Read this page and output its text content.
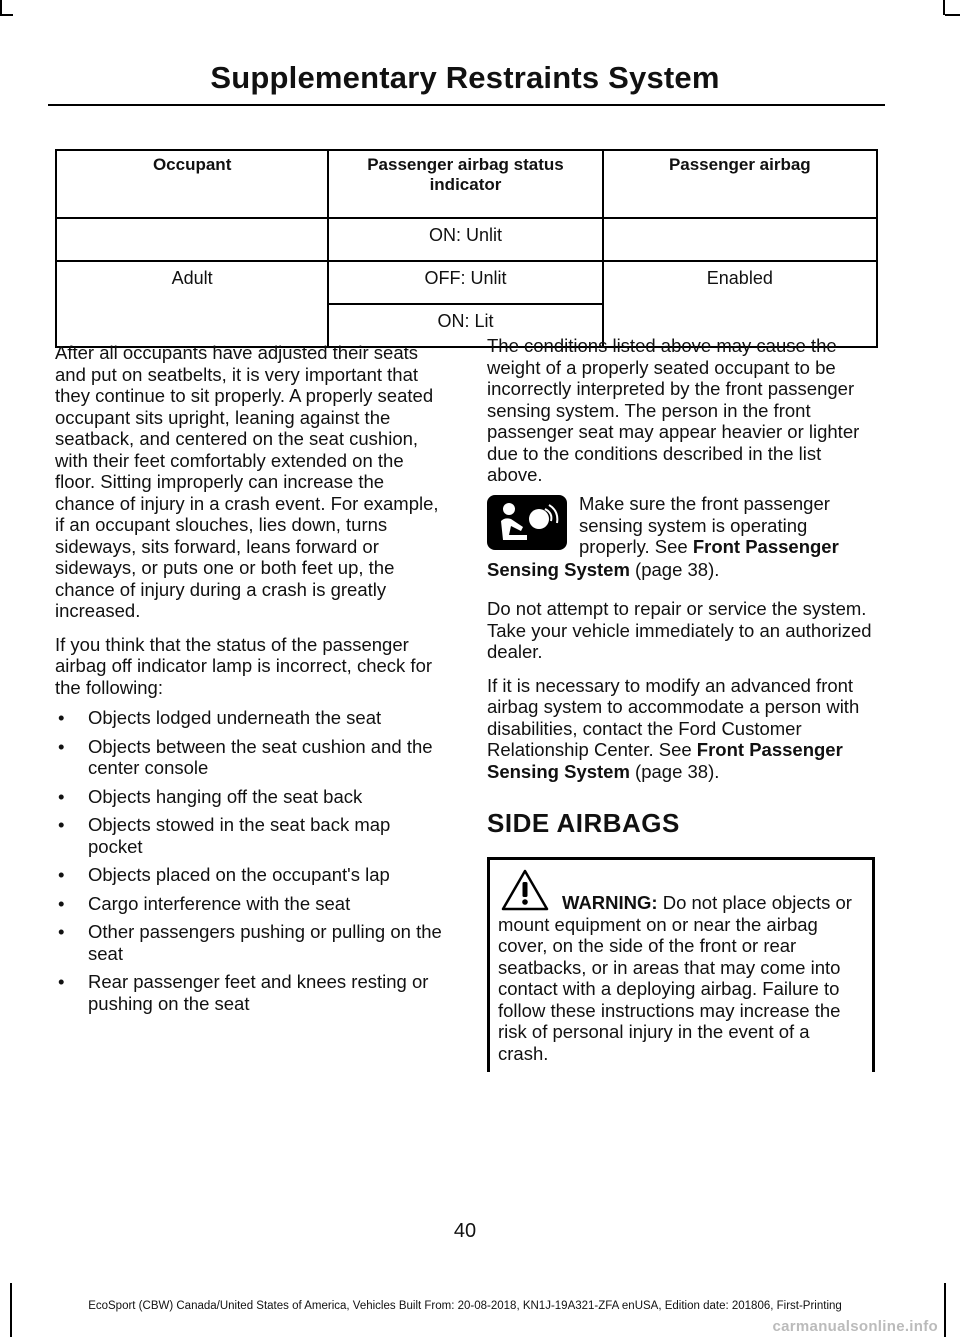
Supplementary Restraints System
Occupant	Passenger airbag status indicator	Passenger airbag
	ON: Unlit	
Adult	OFF: Unlit	Enabled
	ON: Lit	

After all occupants have adjusted their seats and put on seatbelts, it is very important that they continue to sit properly. A properly seated occupant sits upright, leaning against the seatback, and centered on the seat cushion, with their feet comfortably extended on the floor. Sitting improperly can increase the chance of injury in a crash event. For example, if an occupant slouches, lies down, turns sideways, sits forward, leans forward or sideways, or puts one or both feet up, the chance of injury during a crash is greatly increased.

If you think that the status of the passenger airbag off indicator lamp is incorrect, check for the following:

• Objects lodged underneath the seat
• Objects between the seat cushion and the center console
• Objects hanging off the seat back
• Objects stowed in the seat back map pocket
• Objects placed on the occupant's lap
• Cargo interference with the seat
• Other passengers pushing or pulling on the seat
• Rear passenger feet and knees resting or pushing on the seat

The conditions listed above may cause the weight of a properly seated occupant to be incorrectly interpreted by the front passenger sensing system. The person in the front passenger seat may appear heavier or lighter due to the conditions described in the list above.

Make sure the front passenger sensing system is operating properly. See Front Passenger
Sensing System (page 38).

Do not attempt to repair or service the system. Take your vehicle immediately to an authorized dealer.

If it is necessary to modify an advanced front airbag system to accommodate a person with disabilities, contact the Ford Customer Relationship Center. See Front Passenger Sensing System (page 38).

SIDE AIRBAGS
WARNING: Do not place objects or mount equipment on or near the airbag cover, on the side of the front or rear seatbacks, or in areas that may come into contact with a deploying airbag. Failure to follow these instructions may increase the risk of personal injury in the event of a crash.
40
EcoSport (CBW) Canada/United States of America, Vehicles Built From: 20-08-2018, KN1J-19A321-ZFA enUSA, Edition date: 201806, First-Printing
carmanualsonline.info
